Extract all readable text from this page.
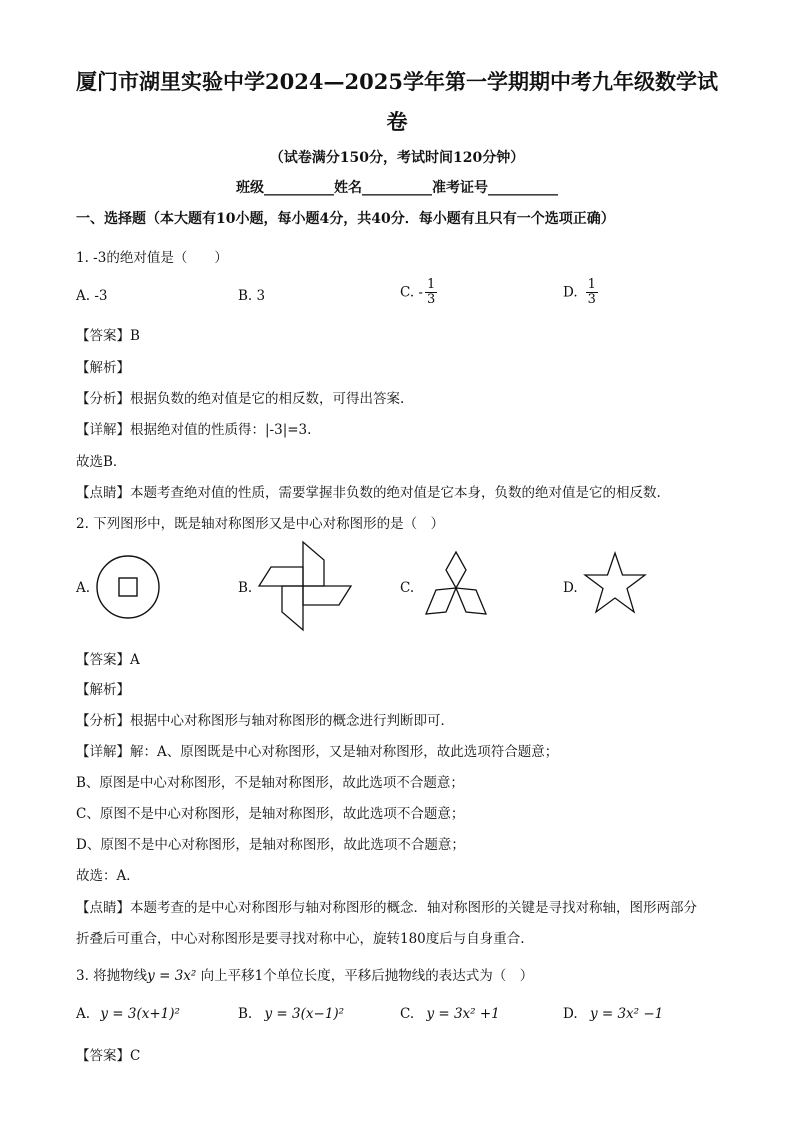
厦门市湖里实验中学2024—2025学年第一学期期中考九年级数学试
卷
（试卷满分150分，考试时间120分钟）
班级__________姓名__________准考证号__________
一、选择题（本大题有10小题，每小题4分，共40分．每小题有且只有一个选项正确）
1. -3的绝对值是（　　）
A. -3	B. 3	C. - $\frac{1}{3}$	D. $\frac{1}{3}$
【答案】B
【解析】
【分析】根据负数的绝对值是它的相反数，可得出答案.
【详解】根据绝对值的性质得：|-3|=3.
故选B．
【点睛】本题考查绝对值的性质，需要掌握非负数的绝对值是它本身，负数的绝对值是它的相反数.
2. 下列图形中，既是轴对称图形又是中心对称图形的是（　）
A.	B.	C.	D.
【答案】A
【解析】
【分析】根据中心对称图形与轴对称图形的概念进行判断即可．
【详解】解：A、原图既是中心对称图形，又是轴对称图形，故此选项符合题意；
B、原图是中心对称图形，不是轴对称图形，故此选项不合题意；
C、原图不是中心对称图形，是轴对称图形，故此选项不合题意；
D、原图不是中心对称图形，是轴对称图形，故此选项不合题意；
故选：A．
【点睛】本题考查的是中心对称图形与轴对称图形的概念．轴对称图形的关键是寻找对称轴，图形两部分
折叠后可重合，中心对称图形是要寻找对称中心，旋转180度后与自身重合.
3. 将抛物线y = 3x² 向上平移1个单位长度，平移后抛物线的表达式为（　）
A. y = 3(x+1)²	B. y = 3(x−1)²	C. y = 3x² +1	D. y = 3x² −1
【答案】C
